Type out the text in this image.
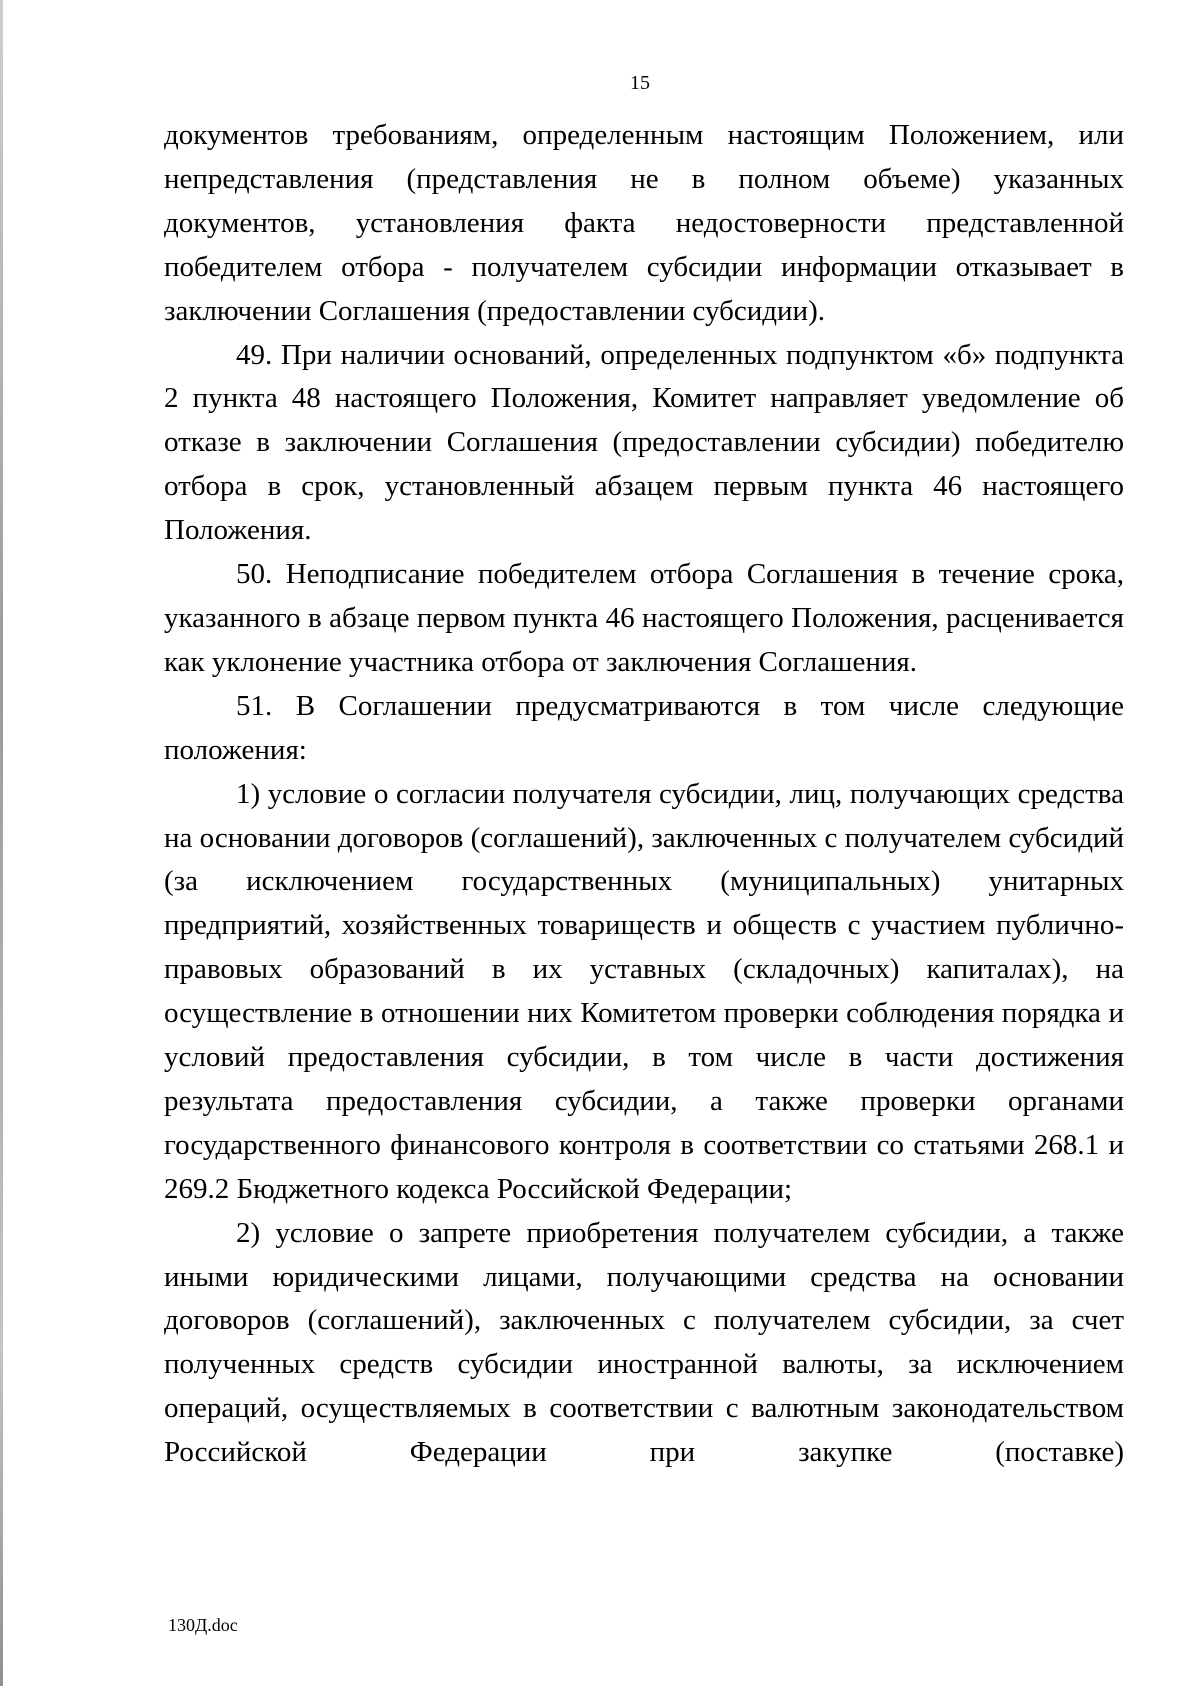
15

документов требованиям, определенным настоящим Положением, или непредставления (представления не в полном объеме) указанных документов, установления факта недостоверности представленной победителем отбора - получателем субсидии информации отказывает в заключении Соглашения (предоставлении субсидии).

49. При наличии оснований, определенных подпунктом «б» подпункта 2 пункта 48 настоящего Положения, Комитет направляет уведомление об отказе в заключении Соглашения (предоставлении субсидии) победителю отбора в срок, установленный абзацем первым пункта 46 настоящего Положения.

50. Неподписание победителем отбора Соглашения в течение срока, указанного в абзаце первом пункта 46 настоящего Положения, расценивается как уклонение участника отбора от заключения Соглашения.

51. В Соглашении предусматриваются в том числе следующие положения:

1) условие о согласии получателя субсидии, лиц, получающих средства на основании договоров (соглашений), заключенных с получателем субсидий (за исключением государственных (муниципальных) унитарных предприятий, хозяйственных товариществ и обществ с участием публично-правовых образований в их уставных (складочных) капиталах), на осуществление в отношении них Комитетом проверки соблюдения порядка и условий предоставления субсидии, в том числе в части достижения результата предоставления субсидии, а также проверки органами государственного финансового контроля в соответствии со статьями 268.1 и 269.2 Бюджетного кодекса Российской Федерации;

2) условие о запрете приобретения получателем субсидии, а также иными юридическими лицами, получающими средства на основании договоров (соглашений), заключенных с получателем субсидии, за счет полученных средств субсидии иностранной валюты, за исключением операций, осуществляемых в соответствии с валютным законодательством Российской Федерации при закупке (поставке)

130Д.doc
